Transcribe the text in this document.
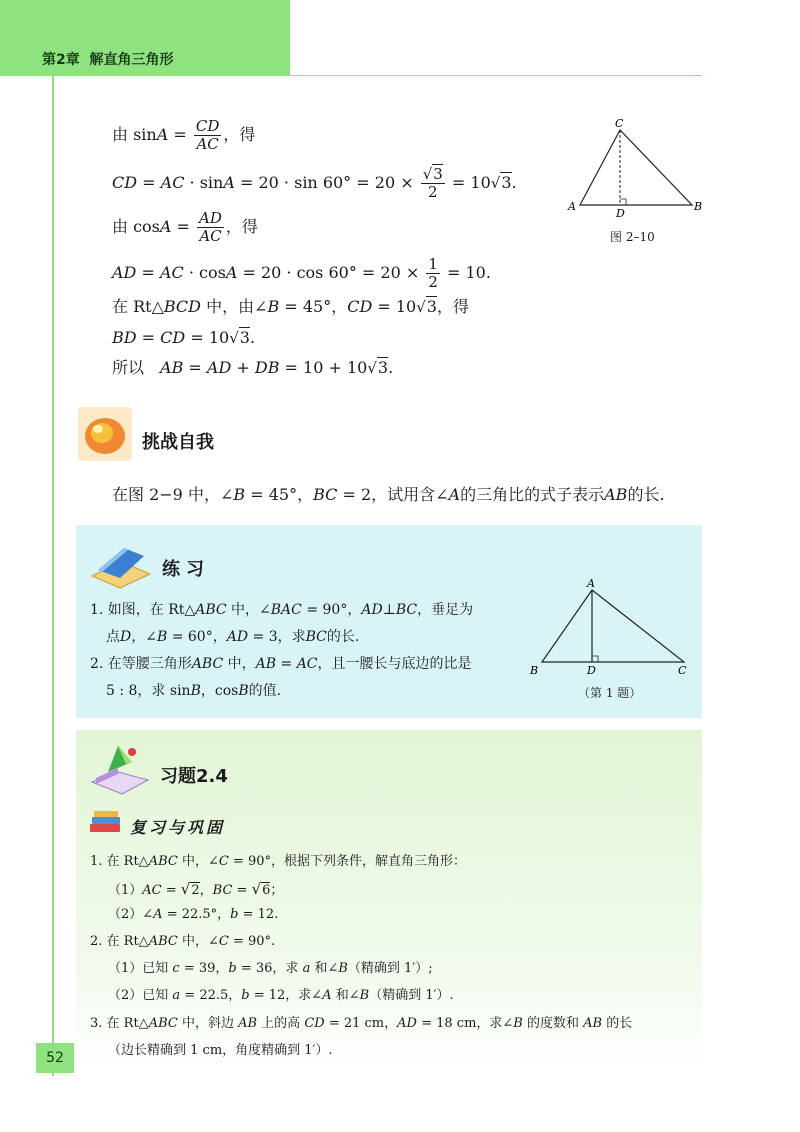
第2章 解直角三角形
52
由 $\sin A = \frac{CD}{AC}$ ，得
CD = AC · $\sin A = 20 \cdot \sin 60^\circ = 20 \times \frac{√3}{2} = 10√3$.
由 $\cos A = \frac{AD}{AC}$ ，得
AD = AC · $\cos A = 20 \cdot \cos 60^\circ = 20 \times \frac{1}{2} = 10$.
在 Rt△BCD 中，由∠B = 45°，CD = 10√3，得
BD = CD = 10√3.
所以　AB = AD + DB = 10 + 10√3.
C
A
D
B
图 2–10
挑战自我
在图 2−9 中，∠B = 45°，BC = 2，试用含∠A的三角比的式子表示AB的长.
练习
1. 如图，在 Rt△ABC 中，∠BAC = 90°，AD⊥BC，垂足为
点D，∠B = 60°，AD = 3，求BC的长.
2. 在等腰三角形ABC 中，AB = AC，且一腰长与底边的比是
5 : 8，求 sinB，cosB的值.
A
B	D	C
（第 1 题）
习题2.4
复习与巩固
1. 在 Rt△ABC 中，∠C = 90°，根据下列条件，解直角三角形：
（1）AC = √2，BC = √6；
（2）∠A = 22.5°，b = 12.
2. 在 Rt△ABC 中，∠C = 90°.
（1）已知 c = 39，b = 36，求 a 和∠B（精确到 1′）;
（2）已知 a = 22.5，b = 12，求∠A 和∠B（精确到 1′）.
3. 在 Rt△ABC 中，斜边 AB 上的高 CD = 21 cm，AD = 18 cm，求∠B 的度数和 AB 的长
（边长精确到 1 cm，角度精确到 1′）.
